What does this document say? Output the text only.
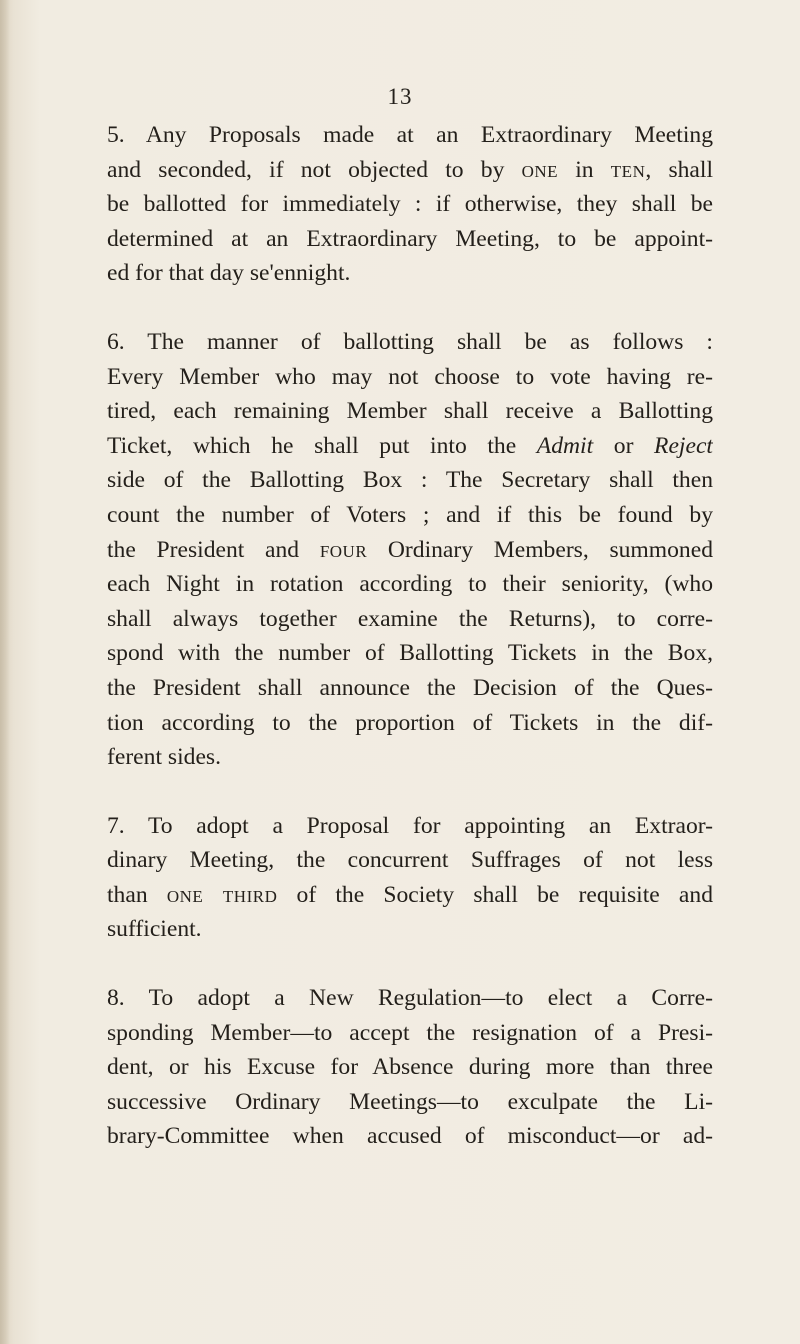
13
5. Any Proposals made at an Extraordinary Meeting
and seconded, if not objected to by one in ten, shall
be ballotted for immediately : if otherwise, they shall be
determined at an Extraordinary Meeting, to be appoint-
ed for that day se'ennight.
6. The manner of ballotting shall be as follows :
Every Member who may not choose to vote having re-
tired, each remaining Member shall receive a Ballotting
Ticket, which he shall put into the Admit or Reject
side of the Ballotting Box : The Secretary shall then
count the number of Voters ; and if this be found by
the President and four Ordinary Members, summoned
each Night in rotation according to their seniority, (who
shall always together examine the Returns), to corre-
spond with the number of Ballotting Tickets in the Box,
the President shall announce the Decision of the Ques-
tion according to the proportion of Tickets in the dif-
ferent sides.
7. To adopt a Proposal for appointing an Extraor-
dinary Meeting, the concurrent Suffrages of not less
than one third of the Society shall be requisite and
sufficient.
8. To adopt a New Regulation—to elect a Corre-
sponding Member—to accept the resignation of a Presi-
dent, or his Excuse for Absence during more than three
successive Ordinary Meetings—to exculpate the Li-
brary-Committee when accused of misconduct—or ad-
